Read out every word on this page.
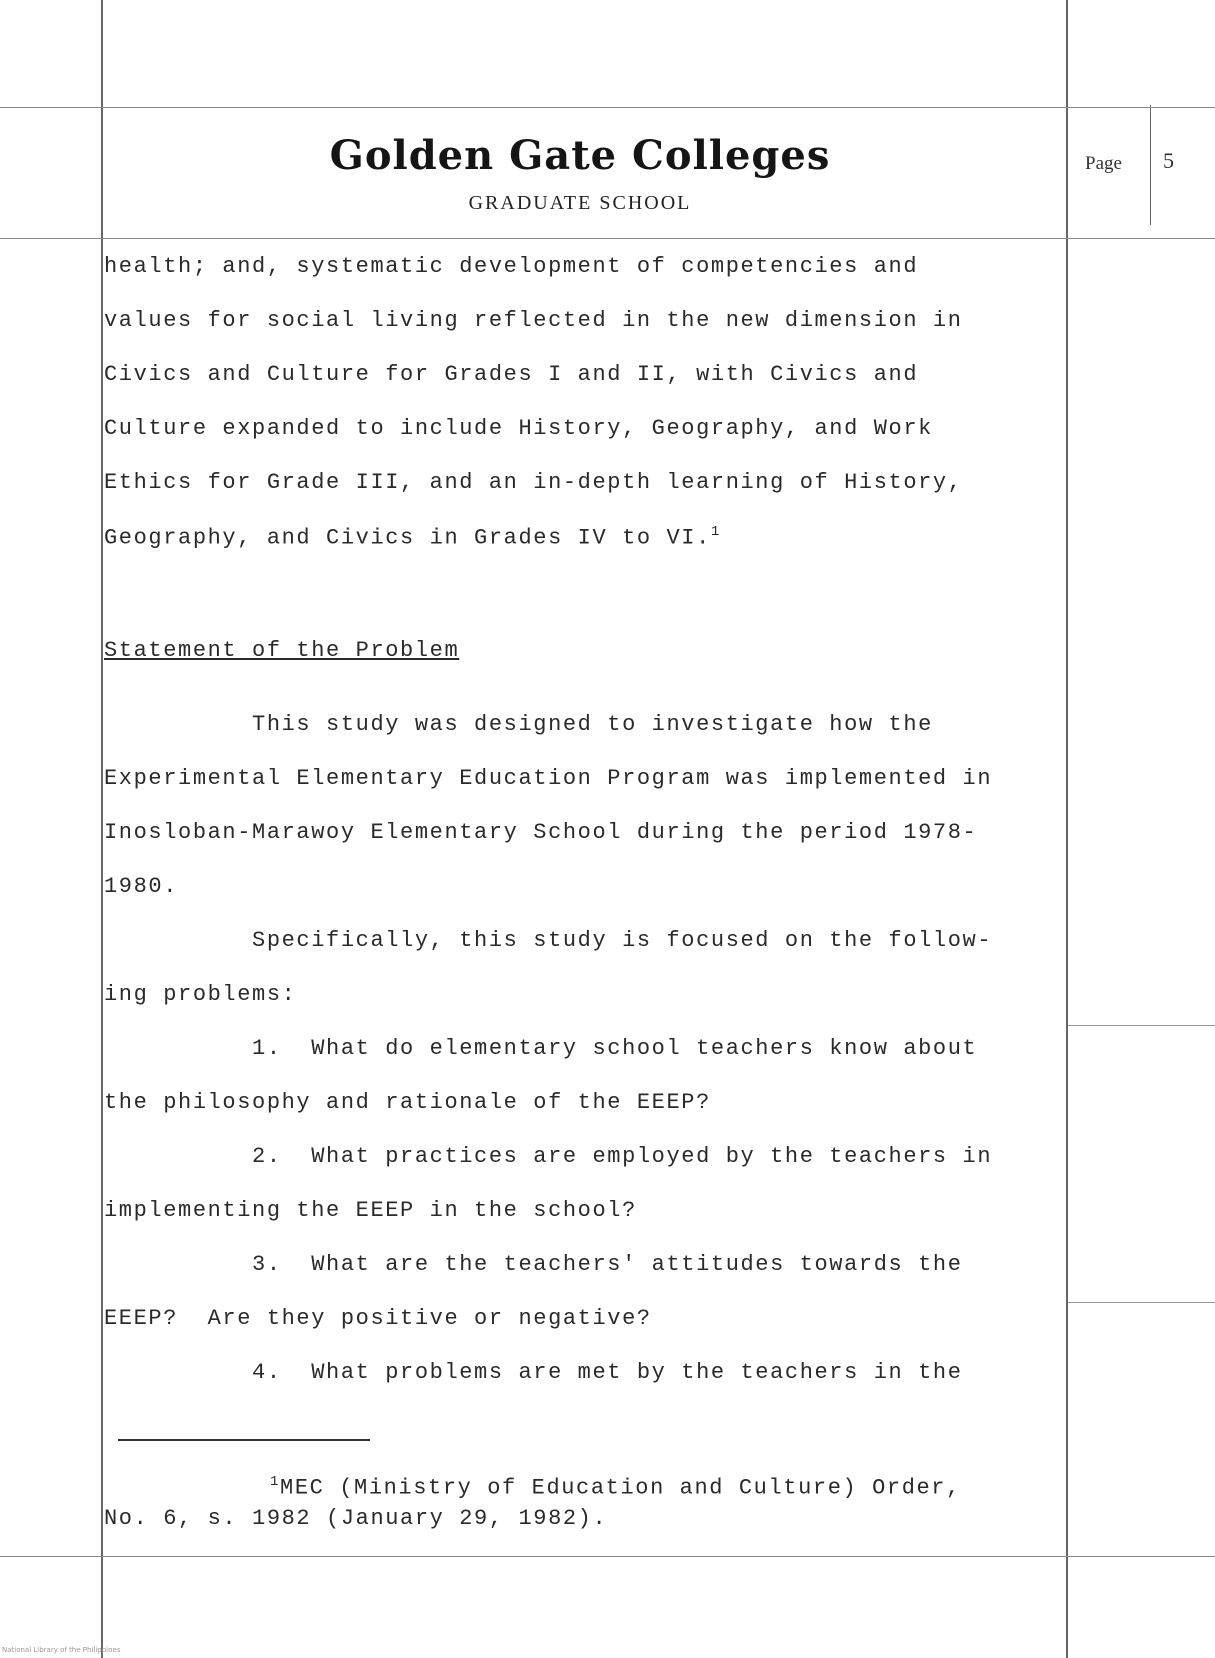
Golden Gate Colleges
GRADUATE SCHOOL
Page 5
health; and, systematic development of competencies and
values for social living reflected in the new dimension in
Civics and Culture for Grades I and II, with Civics and
Culture expanded to include History, Geography, and Work
Ethics for Grade III, and an in-depth learning of History,
Geography, and Civics in Grades IV to VI.$^1$
Statement of the Problem
This study was designed to investigate how the
Experimental Elementary Education Program was implemented in
Inosloban-Marawoy Elementary School during the period 1978-
1980.
Specifically, this study is focused on the follow-
ing problems:
1.  What do elementary school teachers know about
the philosophy and rationale of the EEEP?
2.  What practices are employed by the teachers in
implementing the EEEP in the school?
3.  What are the teachers' attitudes towards the
EEEP?  Are they positive or negative?
4.  What problems are met by the teachers in the
$^1$MEC (Ministry of Education and Culture) Order,
No. 6, s. 1982 (January 29, 1982).
National Library of the Philippines
